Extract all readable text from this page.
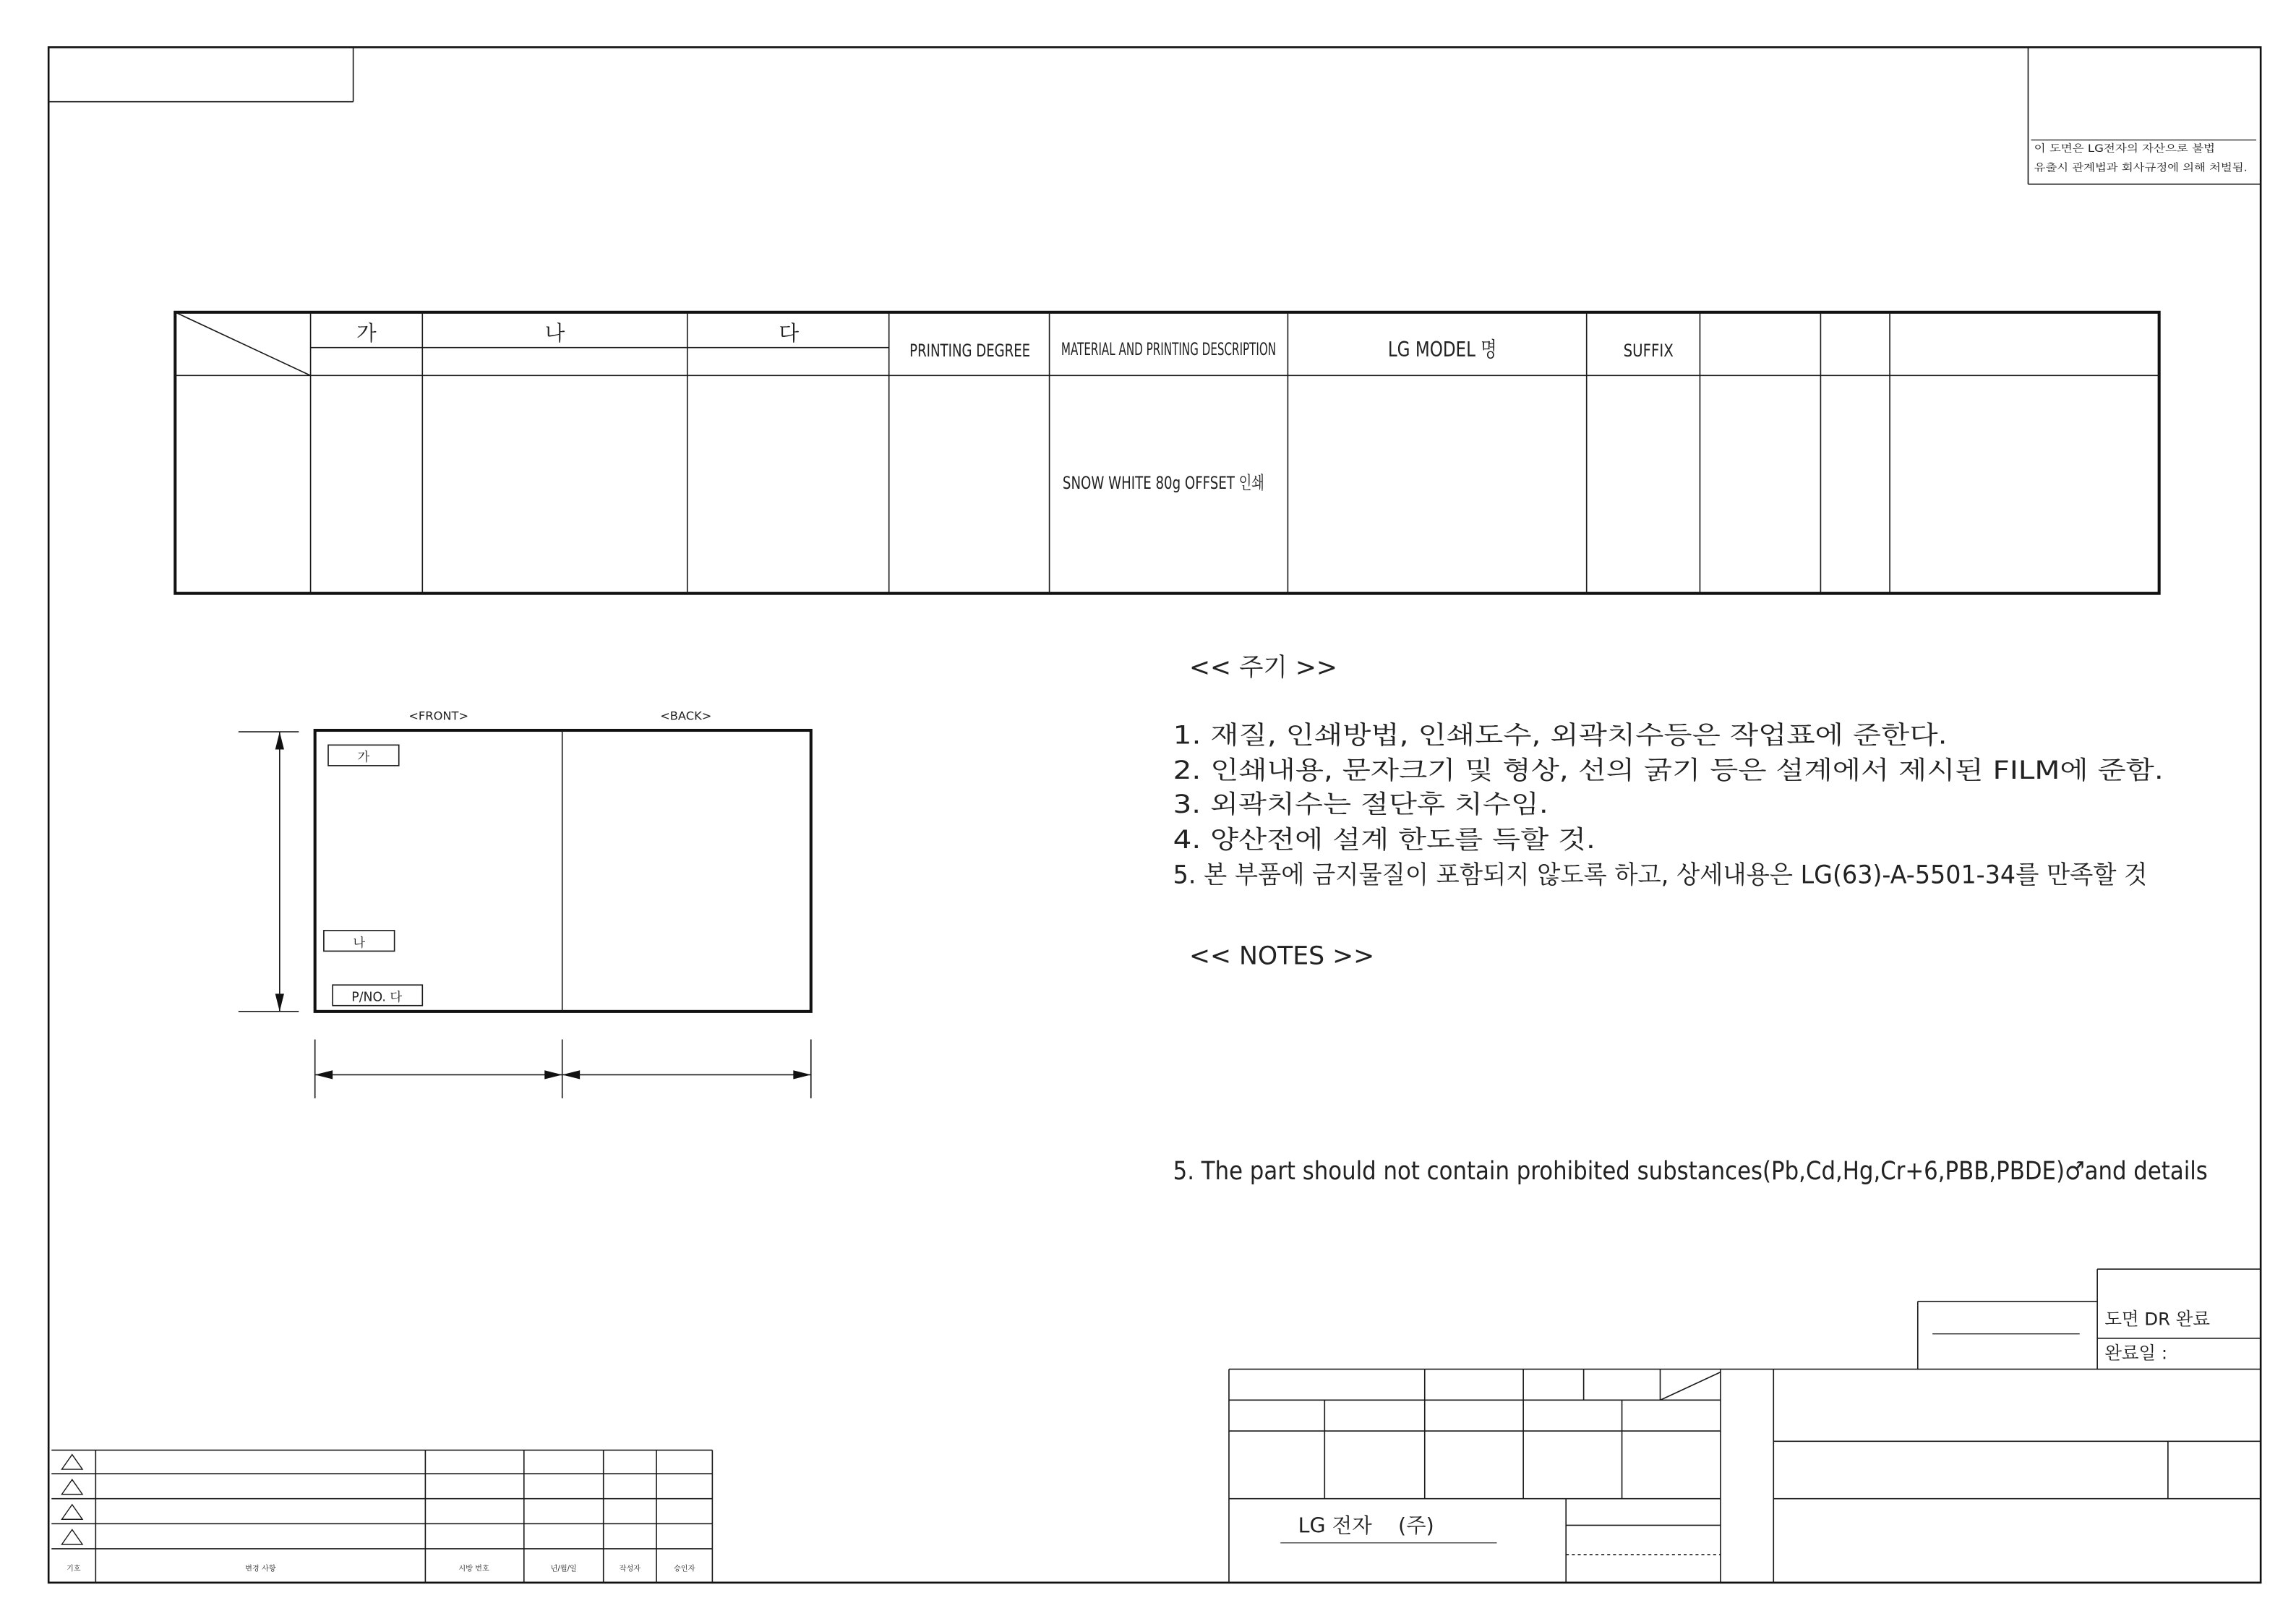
이 도면은 LG전자의 자산으로 불법
유출시 관계법과 회사규정에 의해 처벌됨.
가	나	다
PRINTING DEGREE	MATERIAL AND PRINTING DESCRIPTION	LG MODEL 명	SUFFIX
SNOW WHITE 80g OFFSET 인쇄
<FRONT>	<BACK>
가
나
P/NO. 다
<< 주기 >>
1. 재질, 인쇄방법, 인쇄도수, 외곽치수등은 작업표에 준한다.
2. 인쇄내용, 문자크기 및 형상, 선의 굵기 등은 설계에서 제시된 FILM에 준함.
3. 외곽치수는 절단후 치수임.
4. 양산전에 설계 한도를 득할 것.
5. 본 부품에 금지물질이 포함되지 않도록 하고, 상세내용은 LG(63)-A-5501-34를 만족할 것
<< NOTES >>
5. The part should not contain prohibited substances(Pb,Cd,Hg,Cr+6,PBB,PBDE)♂and details
기호	변경 사항	시방 번호	년/월/일	작성자	승인자
도면 DR 완료
완료일 :
LG 전자    (주)
